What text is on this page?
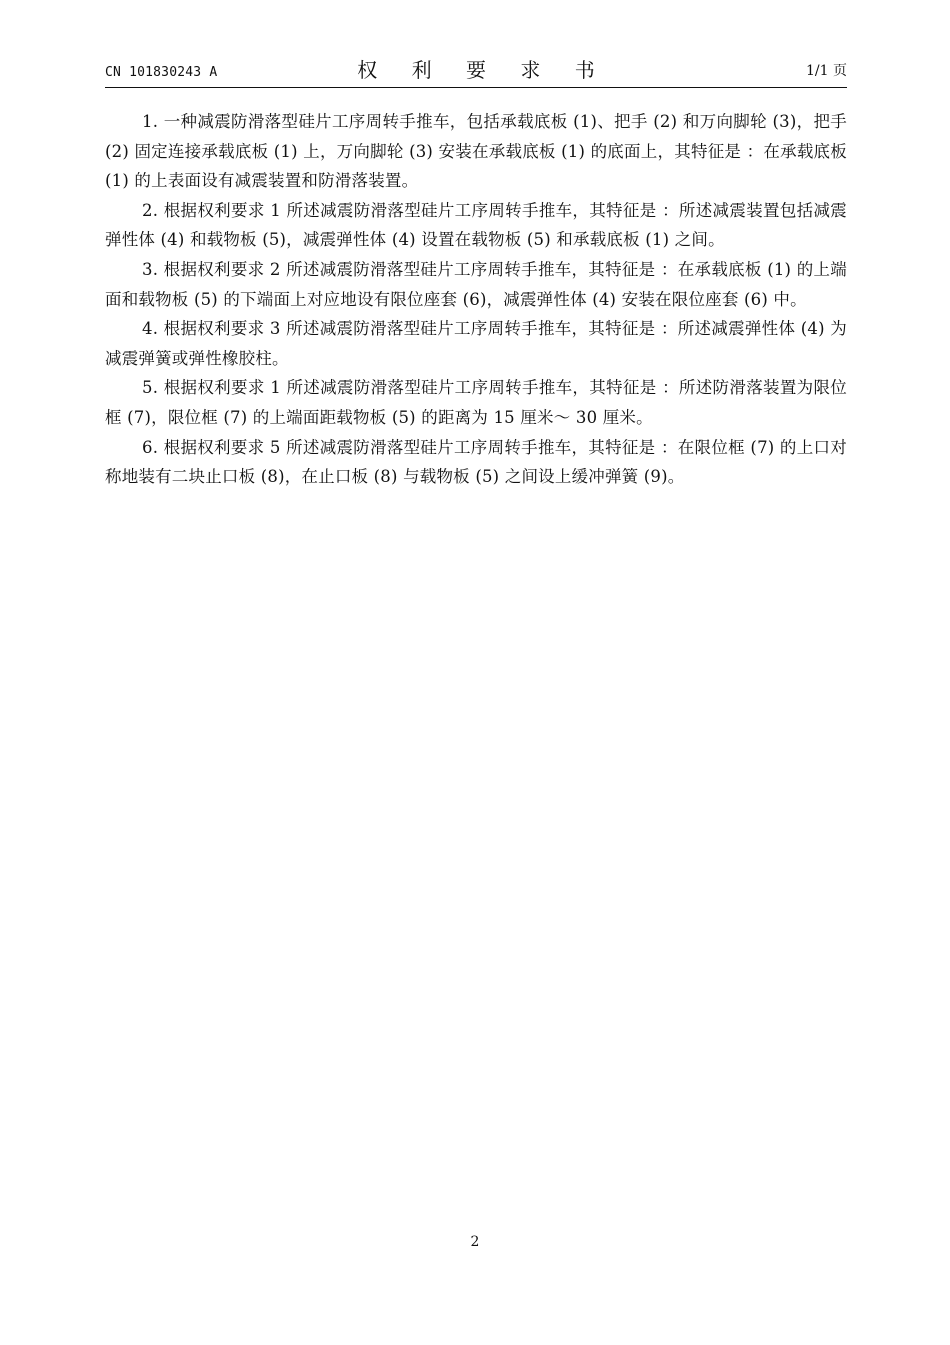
CN 101830243 A	权 利 要 求 书	1/1 页

1. 一种减震防滑落型硅片工序周转手推车，包括承载底板 (1)、把手 (2) 和万向脚轮 (3)，把手 (2) 固定连接承载底板 (1) 上，万向脚轮 (3) 安装在承载底板 (1) 的底面上，其特征是 ：在承载底板 (1) 的上表面设有减震装置和防滑落装置。

2. 根据权利要求 1 所述减震防滑落型硅片工序周转手推车，其特征是 ：所述减震装置包括减震弹性体 (4) 和载物板 (5)，减震弹性体 (4) 设置在载物板 (5) 和承载底板 (1) 之间。

3. 根据权利要求 2 所述减震防滑落型硅片工序周转手推车，其特征是 ：在承载底板 (1) 的上端面和载物板 (5) 的下端面上对应地设有限位座套 (6)，减震弹性体 (4) 安装在限位座套 (6) 中。

4. 根据权利要求 3 所述减震防滑落型硅片工序周转手推车，其特征是 ：所述减震弹性体 (4) 为减震弹簧或弹性橡胶柱。

5. 根据权利要求 1 所述减震防滑落型硅片工序周转手推车，其特征是 ：所述防滑落装置为限位框 (7)，限位框 (7) 的上端面距载物板 (5) 的距离为 15 厘米～ 30 厘米。

6. 根据权利要求 5 所述减震防滑落型硅片工序周转手推车，其特征是 ：在限位框 (7) 的上口对称地装有二块止口板 (8)，在止口板 (8) 与载物板 (5) 之间设上缓冲弹簧 (9)。

2
